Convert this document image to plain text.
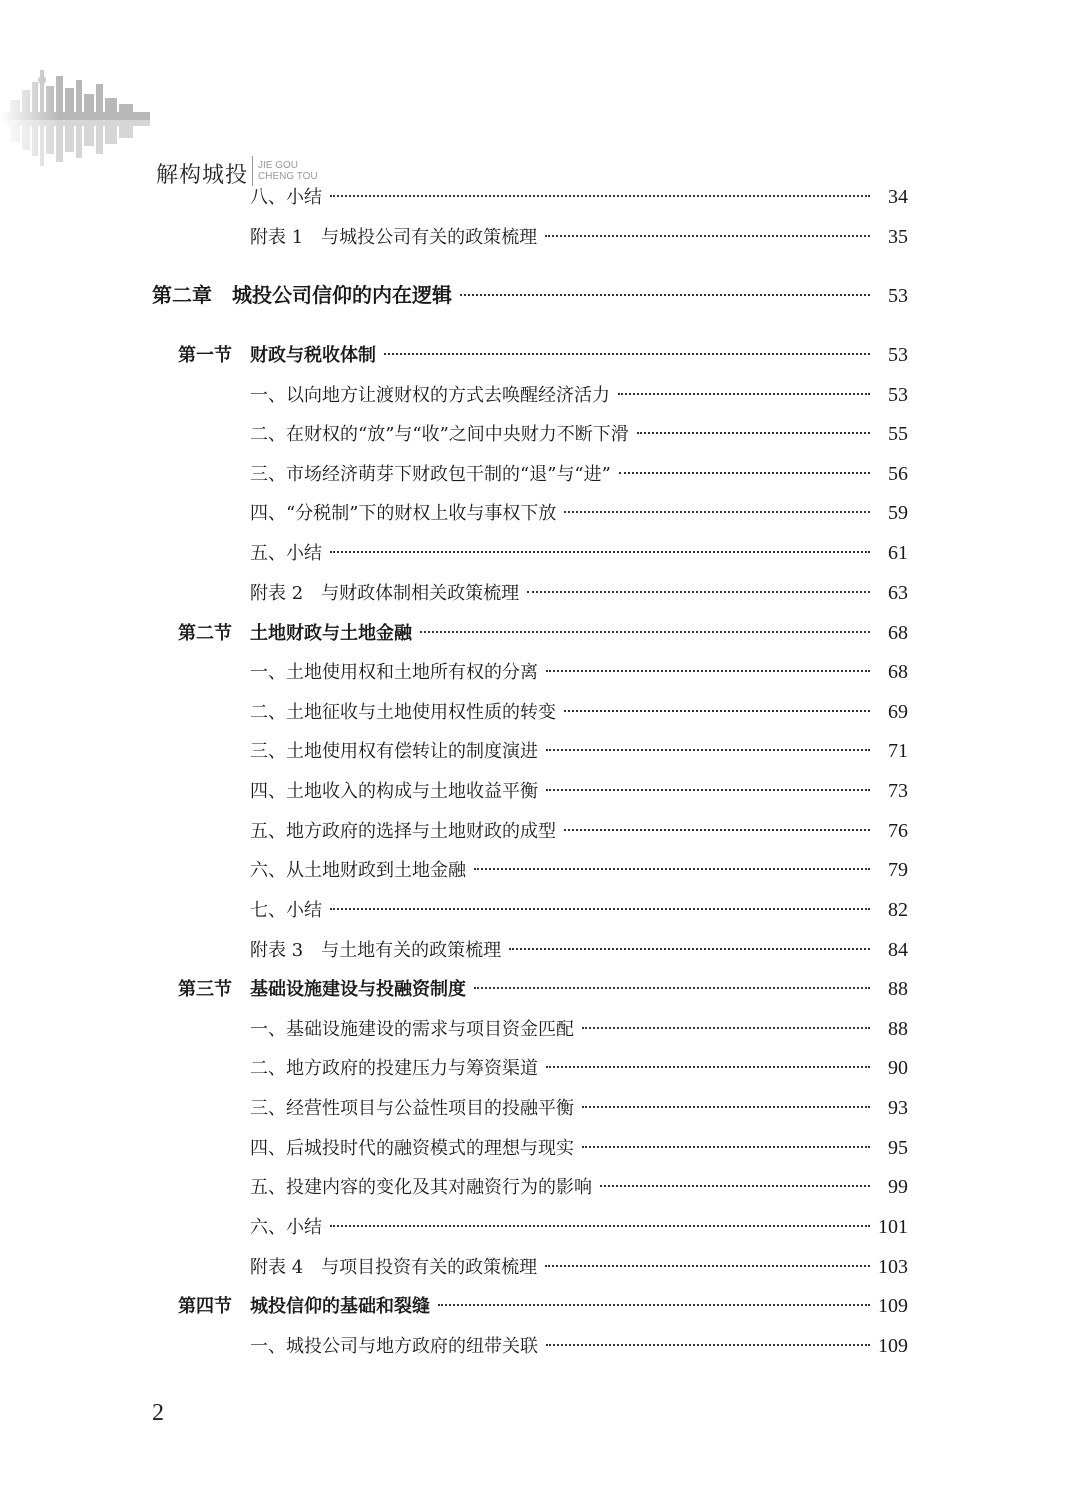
解构城投 JIE GOU
CHENG TOU
八、小结	34
附表 1　与城投公司有关的政策梳理	35
第二章　城投公司信仰的内在逻辑	53
第一节　财政与税收体制	53
一、以向地方让渡财权的方式去唤醒经济活力	53
二、在财权的“放”与“收”之间中央财力不断下滑	55
三、市场经济萌芽下财政包干制的“退”与“进”	56
四、“分税制”下的财权上收与事权下放	59
五、小结	61
附表 2　与财政体制相关政策梳理	63
第二节　土地财政与土地金融	68
一、土地使用权和土地所有权的分离	68
二、土地征收与土地使用权性质的转变	69
三、土地使用权有偿转让的制度演进	71
四、土地收入的构成与土地收益平衡	73
五、地方政府的选择与土地财政的成型	76
六、从土地财政到土地金融	79
七、小结	82
附表 3　与土地有关的政策梳理	84
第三节　基础设施建设与投融资制度	88
一、基础设施建设的需求与项目资金匹配	88
二、地方政府的投建压力与筹资渠道	90
三、经营性项目与公益性项目的投融平衡	93
四、后城投时代的融资模式的理想与现实	95
五、投建内容的变化及其对融资行为的影响	99
六、小结	101
附表 4　与项目投资有关的政策梳理	103
第四节　城投信仰的基础和裂缝	109
一、城投公司与地方政府的纽带关联	109
2
